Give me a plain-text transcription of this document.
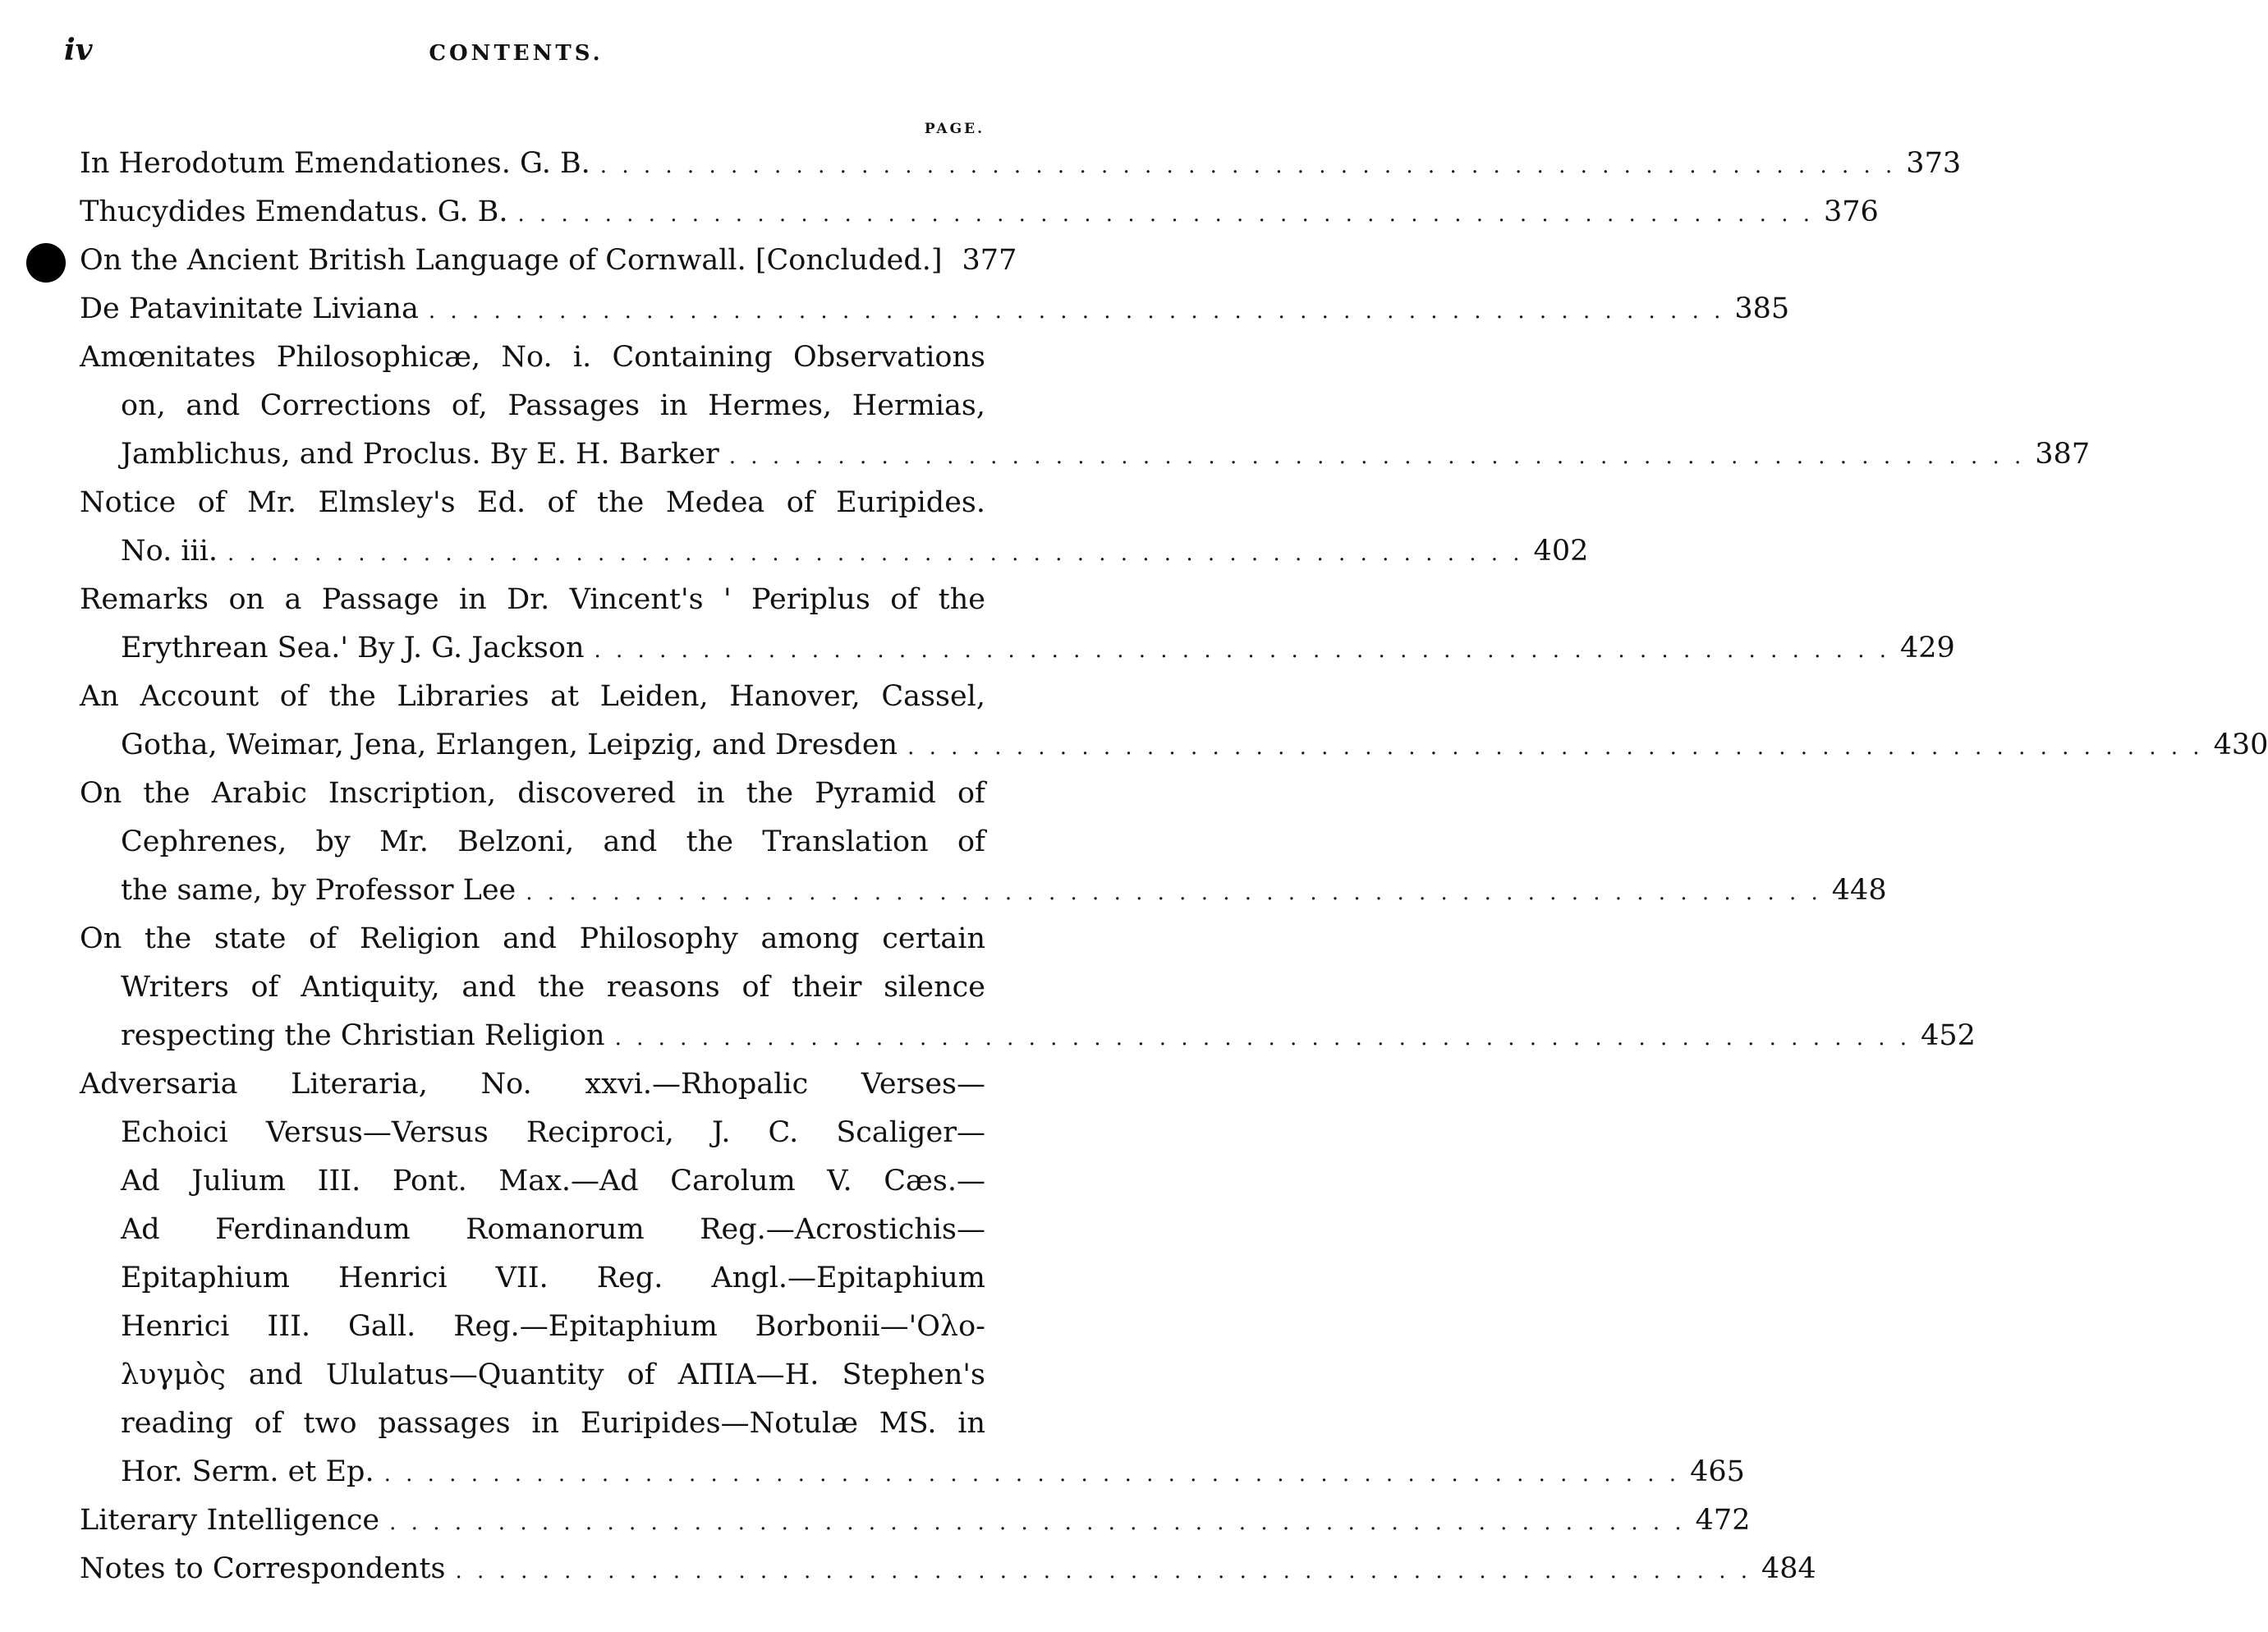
iv	CONTENTS.
PAGE.
In Herodotum Emendationes. G. B. . . . . . . . . . . . . . . . . . . . . . . . . . . . . . . . . . . . . . . . . . . . . . . . . . . . . . . . . . . . . 373
Thucydides Emendatus. G. B. . . . . . . . . . . . . . . . . . . . . . . . . . . . . . . . . . . . . . . . . . . . . . . . . . . . . . . . . . . . . 376
On the Ancient British Language of Cornwall. [Concluded.] 377
De Patavinitate Liviana . . . . . . . . . . . . . . . . . . . . . . . . . . . . . . . . . . . . . . . . . . . . . . . . . . . . . . . . . . . . 385
Amœnitates Philosophicæ, No. i. Containing Observations
on, and Corrections of, Passages in Hermes, Hermias,
Jamblichus, and Proclus. By E. H. Barker . . . . . . . . . . . . . . . . . . . . . . . . . . . . . . . . . . . . . . . . . . . . . . . . . . . . . . . . . . . . 387
Notice of Mr. Elmsley's Ed. of the Medea of Euripides.
No. iii. . . . . . . . . . . . . . . . . . . . . . . . . . . . . . . . . . . . . . . . . . . . . . . . . . . . . . . . . . . . . 402
Remarks on a Passage in Dr. Vincent's ' Periplus of the
Erythrean Sea.' By J. G. Jackson . . . . . . . . . . . . . . . . . . . . . . . . . . . . . . . . . . . . . . . . . . . . . . . . . . . . . . . . . . . . 429
An Account of the Libraries at Leiden, Hanover, Cassel,
Gotha, Weimar, Jena, Erlangen, Leipzig, and Dresden . . . . . . . . . . . . . . . . . . . . . . . . . . . . . . . . . . . . . . . . . . . . . . . . . . . . . . . . . . . . 430
On the Arabic Inscription, discovered in the Pyramid of
Cephrenes, by Mr. Belzoni, and the Translation of
the same, by Professor Lee . . . . . . . . . . . . . . . . . . . . . . . . . . . . . . . . . . . . . . . . . . . . . . . . . . . . . . . . . . . . 448
On the state of Religion and Philosophy among certain
Writers of Antiquity, and the reasons of their silence
respecting the Christian Religion . . . . . . . . . . . . . . . . . . . . . . . . . . . . . . . . . . . . . . . . . . . . . . . . . . . . . . . . . . . . 452
Adversaria Literaria, No. xxvi.—Rhopalic Verses—
Echoici Versus—Versus Reciproci, J. C. Scaliger—
Ad Julium III. Pont. Max.—Ad Carolum V. Cæs.—
Ad Ferdinandum Romanorum Reg.—Acrostichis—
Epitaphium Henrici VII. Reg. Angl.—Epitaphium
Henrici III. Gall. Reg.—Epitaphium Borbonii—'Ολο-
λυγμὸς and Ululatus—Quantity of ΑΠΙΑ—H. Stephen's
reading of two passages in Euripides—Notulæ MS. in
Hor. Serm. et Ep. . . . . . . . . . . . . . . . . . . . . . . . . . . . . . . . . . . . . . . . . . . . . . . . . . . . . . . . . . . . . 465
Literary Intelligence . . . . . . . . . . . . . . . . . . . . . . . . . . . . . . . . . . . . . . . . . . . . . . . . . . . . . . . . . . . . 472
Notes to Correspondents . . . . . . . . . . . . . . . . . . . . . . . . . . . . . . . . . . . . . . . . . . . . . . . . . . . . . . . . . . . . 484
